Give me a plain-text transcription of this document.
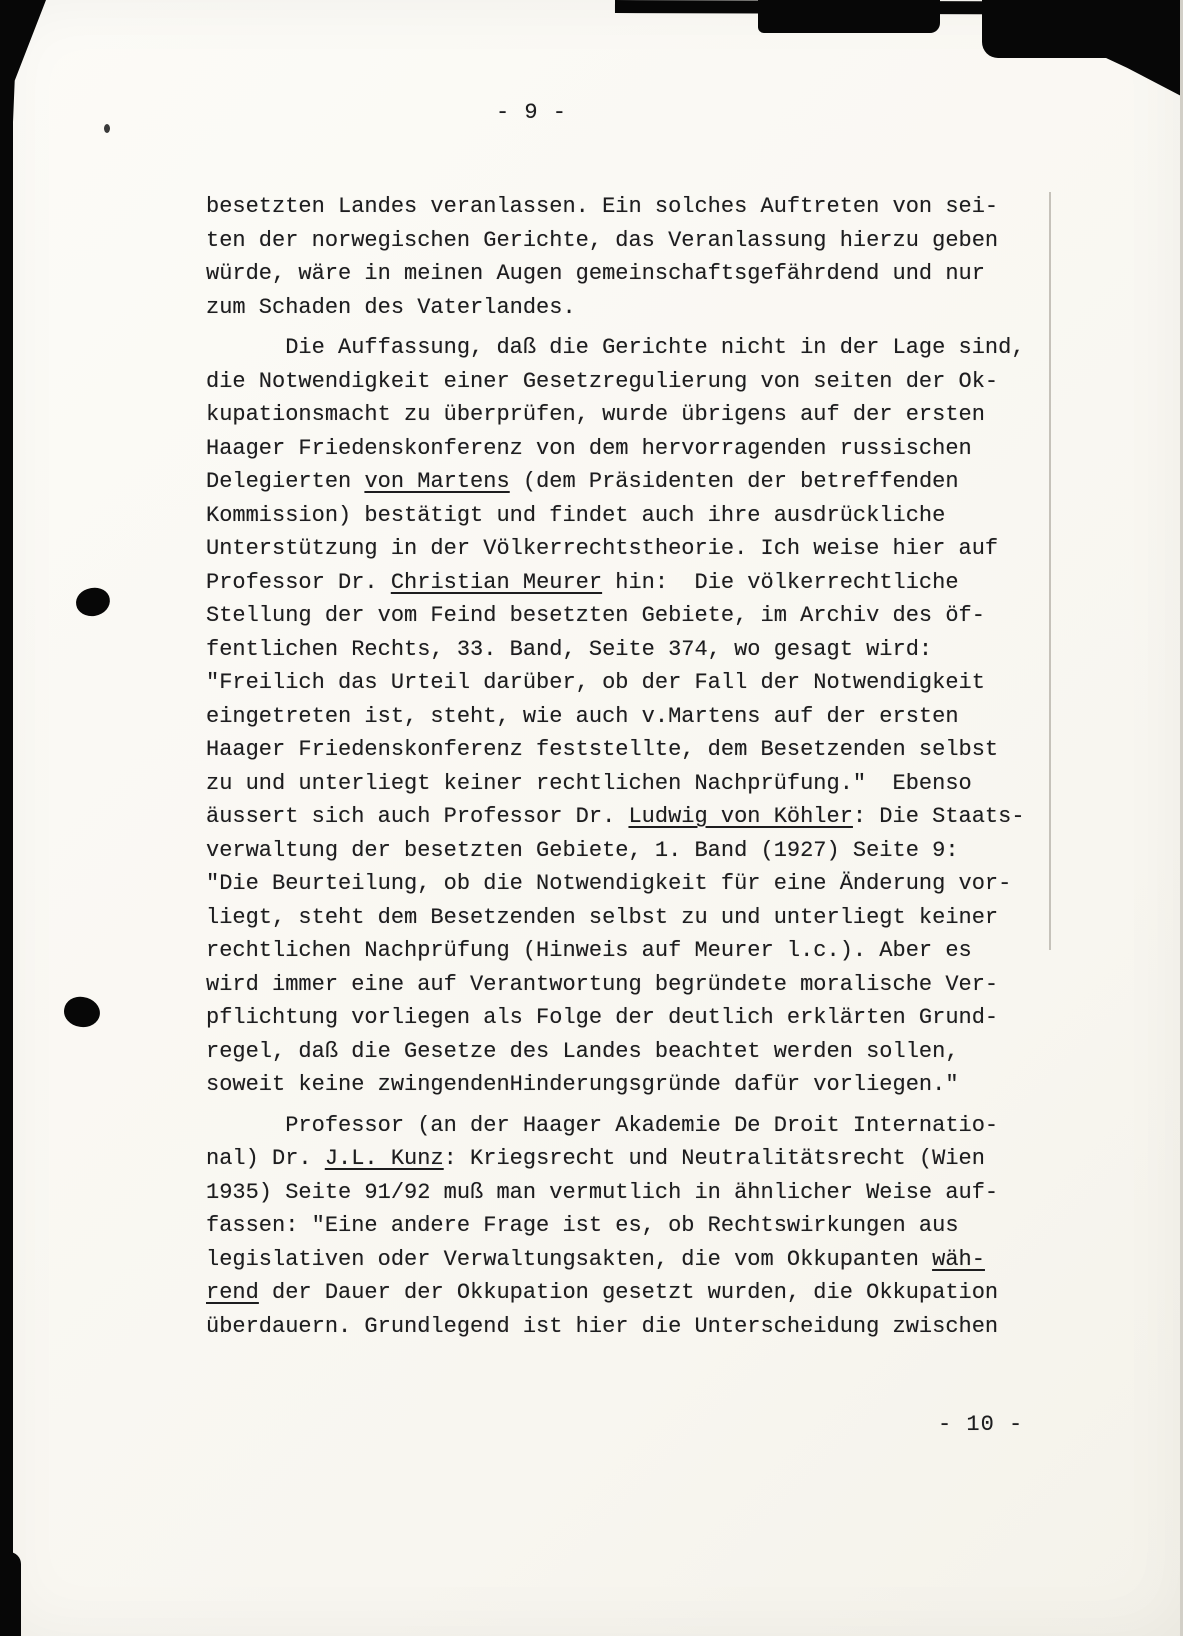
- 9 -
- 10 -
besetzten Landes veranlassen. Ein solches Auftreten von sei-
ten der norwegischen Gerichte, das Veranlassung hierzu geben
würde, wäre in meinen Augen gemeinschaftsgefährdend und nur
zum Schaden des Vaterlandes.
Die Auffassung, daß die Gerichte nicht in der Lage sind,
die Notwendigkeit einer Gesetzregulierung von seiten der Ok-
kupationsmacht zu überprüfen, wurde übrigens auf der ersten
Haager Friedenskonferenz von dem hervorragenden russischen
Delegierten von Martens (dem Präsidenten der betreffenden
Kommission) bestätigt und findet auch ihre ausdrückliche
Unterstützung in der Völkerrechtstheorie. Ich weise hier auf
Professor Dr. Christian Meurer hin:  Die völkerrechtliche
Stellung der vom Feind besetzten Gebiete, im Archiv des öf-
fentlichen Rechts, 33. Band, Seite 374, wo gesagt wird:
"Freilich das Urteil darüber, ob der Fall der Notwendigkeit
eingetreten ist, steht, wie auch v.Martens auf der ersten
Haager Friedenskonferenz feststellte, dem Besetzenden selbst
zu und unterliegt keiner rechtlichen Nachprüfung."  Ebenso
äussert sich auch Professor Dr. Ludwig von Köhler: Die Staats-
verwaltung der besetzten Gebiete, 1. Band (1927) Seite 9:
"Die Beurteilung, ob die Notwendigkeit für eine Änderung vor-
liegt, steht dem Besetzenden selbst zu und unterliegt keiner
rechtlichen Nachprüfung (Hinweis auf Meurer l.c.). Aber es
wird immer eine auf Verantwortung begründete moralische Ver-
pflichtung vorliegen als Folge der deutlich erklärten Grund-
regel, daß die Gesetze des Landes beachtet werden sollen,
soweit keine zwingendenHinderungsgründe dafür vorliegen."
Professor (an der Haager Akademie De Droit Internatio-
nal) Dr. J.L. Kunz: Kriegsrecht und Neutralitätsrecht (Wien
1935) Seite 91/92 muß man vermutlich in ähnlicher Weise auf-
fassen: "Eine andere Frage ist es, ob Rechtswirkungen aus
legislativen oder Verwaltungsakten, die vom Okkupanten wäh-
rend der Dauer der Okkupation gesetzt wurden, die Okkupation
überdauern. Grundlegend ist hier die Unterscheidung zwischen
